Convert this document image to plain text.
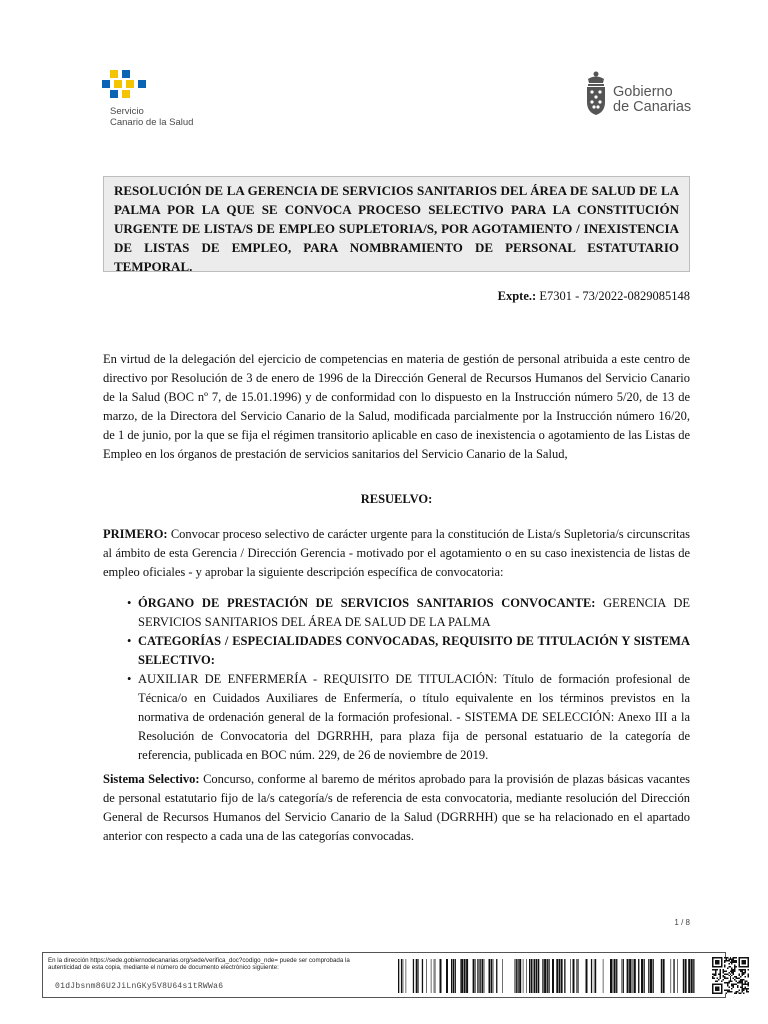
Servicio
Canario de la Salud
Gobierno
de Canarias
RESOLUCIÓN DE LA GERENCIA DE SERVICIOS SANITARIOS DEL ÁREA DE SALUD DE LA PALMA POR LA QUE SE CONVOCA PROCESO SELECTIVO PARA LA CONSTITUCIÓN URGENTE DE LISTA/S DE EMPLEO SUPLETORIA/S, POR AGOTAMIENTO / INEXISTENCIA DE LISTAS DE EMPLEO, PARA NOMBRAMIENTO DE PERSONAL ESTATUTARIO TEMPORAL.
Expte.: E7301 - 73/2022-0829085148
En virtud de la delegación del ejercicio de competencias en materia de gestión de personal atribuida a este centro de directivo por Resolución de 3 de enero de 1996 de la Dirección General de Recursos Humanos del Servicio Canario de la Salud (BOC nº 7, de 15.01.1996) y de conformidad con lo dispuesto en la Instrucción número 5/20, de 13 de marzo, de la Directora del Servicio Canario de la Salud, modificada parcialmente por la Instrucción número 16/20, de 1 de junio, por la que se fija el régimen transitorio aplicable en caso de inexistencia o agotamiento de las Listas de Empleo en los órganos de prestación de servicios sanitarios del Servicio Canario de la Salud,
RESUELVO:
PRIMERO: Convocar proceso selectivo de carácter urgente para la constitución de Lista/s Supletoria/s circunscritas al ámbito de esta Gerencia / Dirección Gerencia - motivado por el agotamiento o en su caso inexistencia de listas de empleo oficiales - y aprobar la siguiente descripción específica de convocatoria:
• ÓRGANO DE PRESTACIÓN DE SERVICIOS SANITARIOS CONVOCANTE: GERENCIA DE SERVICIOS SANITARIOS DEL ÁREA DE SALUD DE LA PALMA
• CATEGORÍAS / ESPECIALIDADES CONVOCADAS, REQUISITO DE TITULACIÓN Y SISTEMA SELECTIVO:
• AUXILIAR DE ENFERMERÍA - REQUISITO DE TITULACIÓN: Título de formación profesional de Técnica/o en Cuidados Auxiliares de Enfermería, o título equivalente en los términos previstos en la normativa de ordenación general de la formación profesional. - SISTEMA DE SELECCIÓN: Anexo III a la Resolución de Convocatoria del DGRRHH, para plaza fija de personal estatuario de la categoría de referencia, publicada en BOC núm. 229, de 26 de noviembre de 2019.
Sistema Selectivo: Concurso, conforme al baremo de méritos aprobado para la provisión de plazas básicas vacantes de personal estatutario fijo de la/s categoría/s de referencia de esta convocatoria, mediante resolución del Dirección General de Recursos Humanos del Servicio Canario de la Salud (DGRRHH) que se ha relacionado en el apartado anterior con respecto a cada una de las categorías convocadas.
1 / 8
En la dirección https://sede.gobiernodecanarias.org/sede/verifica_doc?codigo_nde= puede ser comprobada la autenticidad de esta copia, mediante el número de documento electrónico siguiente:
01dJbsnm86U2JiLnGKy5V8U64s1tRWWa6
